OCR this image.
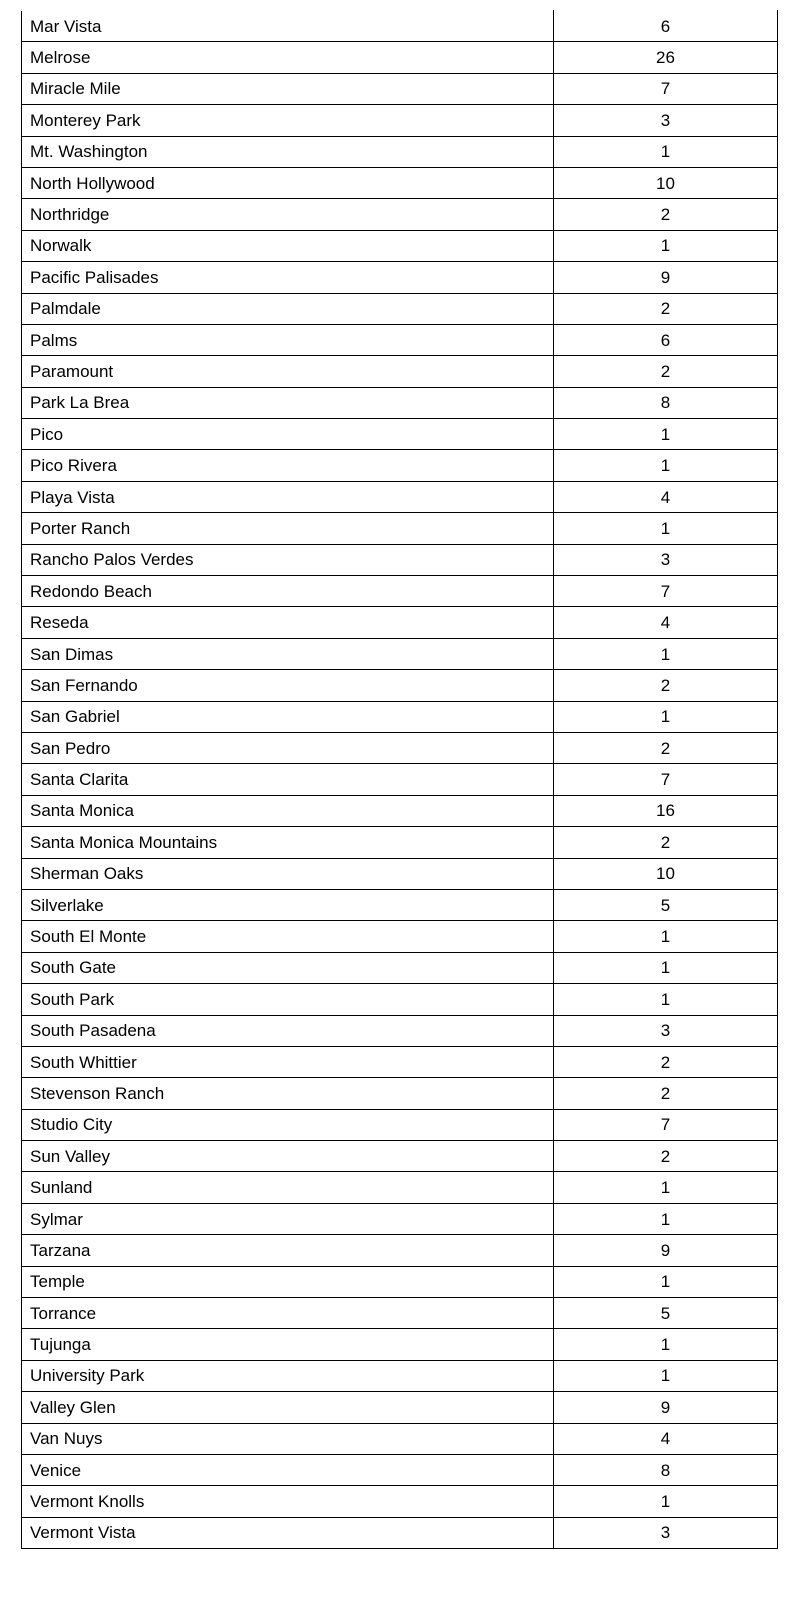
Mar Vista	6
Melrose	26
Miracle Mile	7
Monterey Park	3
Mt. Washington	1
North Hollywood	10
Northridge	2
Norwalk	1
Pacific Palisades	9
Palmdale	2
Palms	6
Paramount	2
Park La Brea	8
Pico	1
Pico Rivera	1
Playa Vista	4
Porter Ranch	1
Rancho Palos Verdes	3
Redondo Beach	7
Reseda	4
San Dimas	1
San Fernando	2
San Gabriel	1
San Pedro	2
Santa Clarita	7
Santa Monica	16
Santa Monica Mountains	2
Sherman Oaks	10
Silverlake	5
South El Monte	1
South Gate	1
South Park	1
South Pasadena	3
South Whittier	2
Stevenson Ranch	2
Studio City	7
Sun Valley	2
Sunland	1
Sylmar	1
Tarzana	9
Temple	1
Torrance	5
Tujunga	1
University Park	1
Valley Glen	9
Van Nuys	4
Venice	8
Vermont Knolls	1
Vermont Vista	3
